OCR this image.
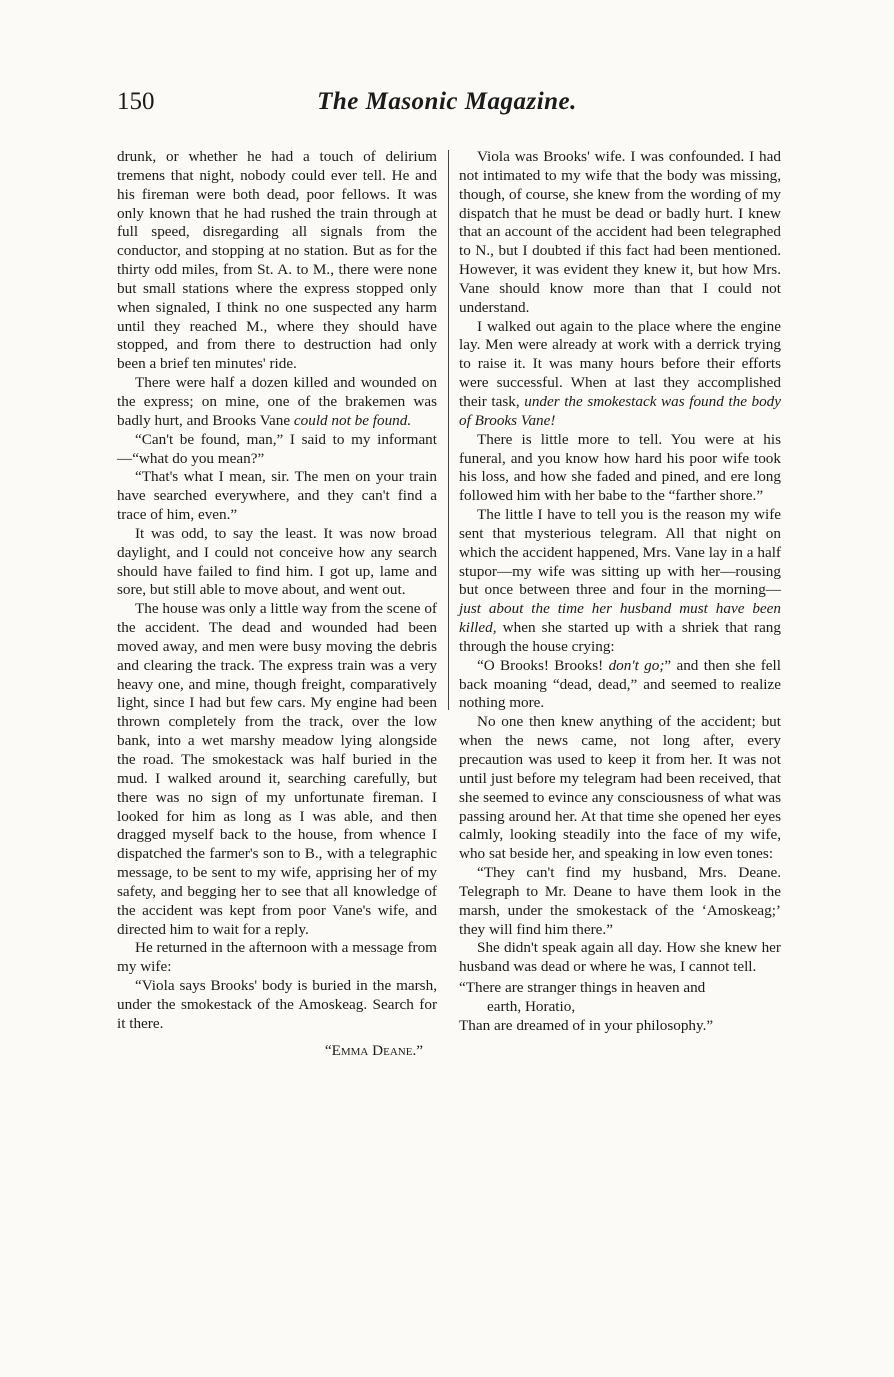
150	The Masonic Magazine.

drunk, or whether he had a touch of delirium tremens that night, nobody could ever tell. He and his fireman were both dead, poor fellows. It was only known that he had rushed the train through at full speed, disregarding all signals from the conductor, and stopping at no station. But as for the thirty odd miles, from St. A. to M., there were none but small stations where the express stopped only when signaled, I think no one suspected any harm until they reached M., where they should have stopped, and from there to destruction had only been a brief ten minutes' ride.

There were half a dozen killed and wounded on the express; on mine, one of the brakemen was badly hurt, and Brooks Vane could not be found.

“Can't be found, man,” I said to my informant—“what do you mean?”

“That's what I mean, sir. The men on your train have searched everywhere, and they can't find a trace of him, even.”

It was odd, to say the least. It was now broad daylight, and I could not conceive how any search should have failed to find him. I got up, lame and sore, but still able to move about, and went out.

The house was only a little way from the scene of the accident. The dead and wounded had been moved away, and men were busy moving the debris and clearing the track. The express train was a very heavy one, and mine, though freight, comparatively light, since I had but few cars. My engine had been thrown completely from the track, over the low bank, into a wet marshy meadow lying alongside the road. The smokestack was half buried in the mud. I walked around it, searching carefully, but there was no sign of my unfortunate fireman. I looked for him as long as I was able, and then dragged myself back to the house, from whence I dispatched the farmer's son to B., with a telegraphic message, to be sent to my wife, apprising her of my safety, and begging her to see that all knowledge of the accident was kept from poor Vane's wife, and directed him to wait for a reply.

He returned in the afternoon with a message from my wife:

“Viola says Brooks' body is buried in the marsh, under the smokestack of the Amoskeag. Search for it there.

“Emma Deane.”

Viola was Brooks' wife. I was confounded. I had not intimated to my wife that the body was missing, though, of course, she knew from the wording of my dispatch that he must be dead or badly hurt. I knew that an account of the accident had been telegraphed to N., but I doubted if this fact had been mentioned. However, it was evident they knew it, but how Mrs. Vane should know more than that I could not understand.

I walked out again to the place where the engine lay. Men were already at work with a derrick trying to raise it. It was many hours before their efforts were successful. When at last they accomplished their task, under the smokestack was found the body of Brooks Vane!

There is little more to tell. You were at his funeral, and you know how hard his poor wife took his loss, and how she faded and pined, and ere long followed him with her babe to the “farther shore.”

The little I have to tell you is the reason my wife sent that mysterious telegram. All that night on which the accident happened, Mrs. Vane lay in a half stupor—my wife was sitting up with her—rousing but once between three and four in the morning—just about the time her husband must have been killed, when she started up with a shriek that rang through the house crying:

“O Brooks! Brooks! don't go;” and then she fell back moaning “dead, dead,” and seemed to realize nothing more.

No one then knew anything of the accident; but when the news came, not long after, every precaution was used to keep it from her. It was not until just before my telegram had been received, that she seemed to evince any consciousness of what was passing around her. At that time she opened her eyes calmly, looking steadily into the face of my wife, who sat beside her, and speaking in low even tones:

“They can't find my husband, Mrs. Deane. Telegraph to Mr. Deane to have them look in the marsh, under the smokestack of the ‘Amoskeag;’ they will find him there.”

She didn't speak again all day. How she knew her husband was dead or where he was, I cannot tell.

“There are stranger things in heaven and
earth, Horatio,
Than are dreamed of in your philosophy.”
